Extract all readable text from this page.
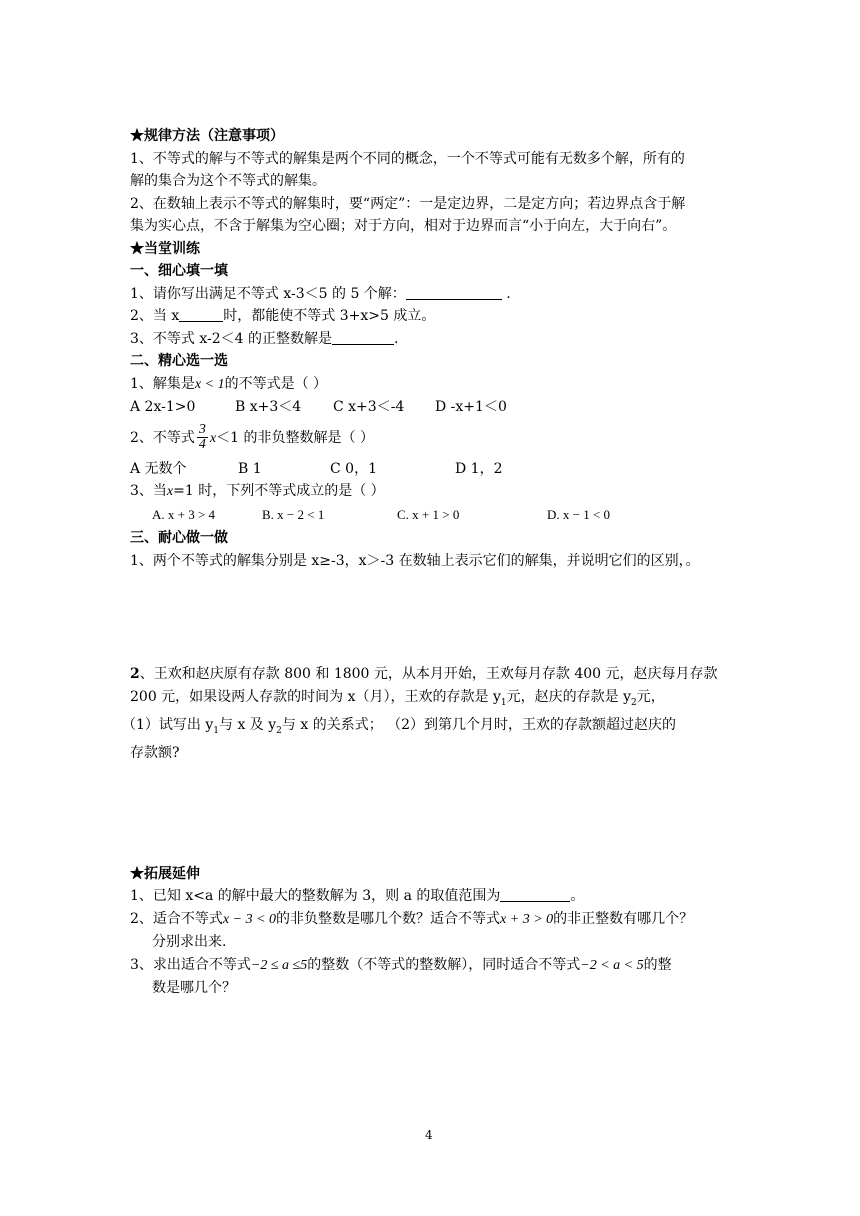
★规律方法（注意事项）
1、不等式的解与不等式的解集是两个不同的概念，一个不等式可能有无数多个解，所有的
解的集合为这个不等式的解集。
2、在数轴上表示不等式的解集时，要“两定”：一是定边界，二是定方向；若边界点含于解
集为实心点，不含于解集为空心圈；对于方向，相对于边界而言“小于向左，大于向右”。
★当堂训练
一、细心填一填
1、请你写出满足不等式 x-3＜5 的 5 个解：	.
2、当 x	时，都能使不等式 3+x>5 成立。
3、不等式 x-2＜4 的正整数解是	.
二、精心选一选
1、解集是x < 1的不等式是（ ）
A 2x-1>0	B x+3＜4 C x+3＜-4 D -x+1＜0
2、不等式 $\frac{3}{4} x<1$ 的非负整数解是（ ）
A 无数个	B 1	C 0，1	D 1，2
3、当x=1 时，下列不等式成立的是（ ）
A. x + 3 > 4	B. x − 2 < 1	C. x + 1 > 0	D. x − 1 < 0
三、耐心做一做
1、两个不等式的解集分别是 x≥-3，x＞-3 在数轴上表示它们的解集，并说明它们的区别，。
2、王欢和赵庆原有存款 800 和 1800 元，从本月开始，王欢每月存款 400 元，赵庆每月存款
200 元，如果设两人存款的时间为 x（月），王欢的存款是 $y_1$元，赵庆的存款是 $y_2$元，
（1）试写出 $y_1$与 x 及 $y_2$与 x 的关系式； （2）到第几个月时，王欢的存款额超过赵庆的
存款额?
★拓展延伸
1、已知 x<a 的解中最大的整数解为 3，则 a 的取值范围为	。
2、适合不等式x − 3 < 0的非负整数是哪几个数？适合不等式x + 3 > 0的非正整数有哪几个？
分别求出来.
3、求出适合不等式−2 ≤ a ≤5的整数（不等式的整数解），同时适合不等式−2 < a < 5的整
数是哪几个？
4
